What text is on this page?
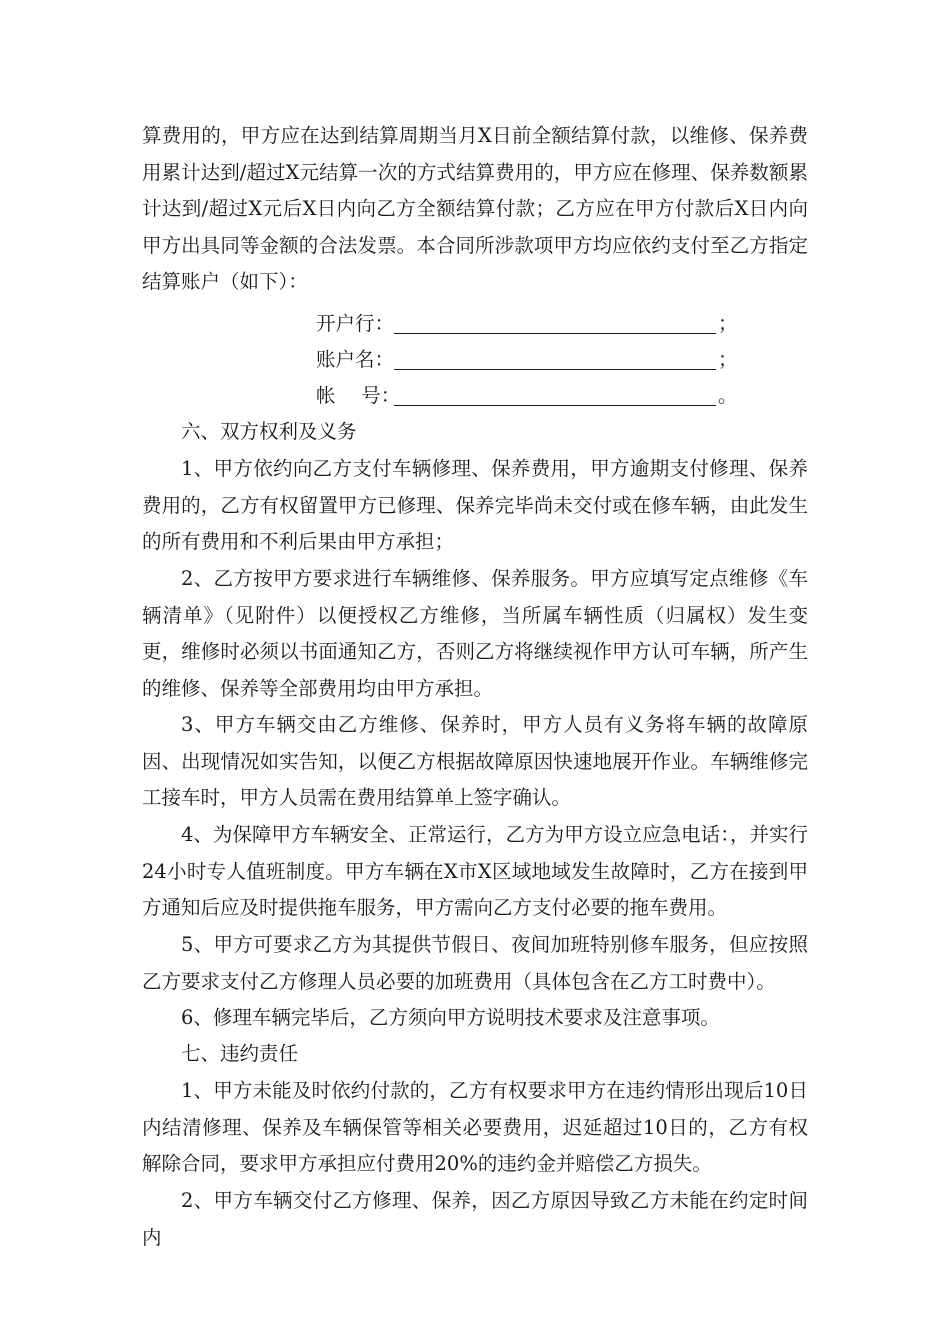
算费用的，甲方应在达到结算周期当月X日前全额结算付款，以维修、保养费用累计达到/超过X元结算一次的方式结算费用的，甲方应在修理、保养数额累计达到/超过X元后X日内向乙方全额结算付款；乙方应在甲方付款后X日内向甲方出具同等金额的合法发票。本合同所涉款项甲方均应依约支付至乙方指定结算账户（如下）：

开户行：	；
账户名：	；
帐　 号：	。

六、双方权利及义务

1、甲方依约向乙方支付车辆修理、保养费用，甲方逾期支付修理、保养费用的，乙方有权留置甲方已修理、保养完毕尚未交付或在修车辆，由此发生的所有费用和不利后果由甲方承担；

2、乙方按甲方要求进行车辆维修、保养服务。甲方应填写定点维修《车辆清单》（见附件）以便授权乙方维修，当所属车辆性质（归属权）发生变更，维修时必须以书面通知乙方，否则乙方将继续视作甲方认可车辆，所产生的维修、保养等全部费用均由甲方承担。

3、甲方车辆交由乙方维修、保养时，甲方人员有义务将车辆的故障原因、出现情况如实告知，以便乙方根据故障原因快速地展开作业。车辆维修完工接车时，甲方人员需在费用结算单上签字确认。

4、为保障甲方车辆安全、正常运行，乙方为甲方设立应急电话：，并实行24小时专人值班制度。甲方车辆在X市X区域地域发生故障时，乙方在接到甲方通知后应及时提供拖车服务，甲方需向乙方支付必要的拖车费用。

5、甲方可要求乙方为其提供节假日、夜间加班特别修车服务，但应按照乙方要求支付乙方修理人员必要的加班费用（具体包含在乙方工时费中）。

6、修理车辆完毕后，乙方须向甲方说明技术要求及注意事项。

七、违约责任

1、甲方未能及时依约付款的，乙方有权要求甲方在违约情形出现后10日内结清修理、保养及车辆保管等相关必要费用，迟延超过10日的，乙方有权解除合同，要求甲方承担应付费用20%的违约金并赔偿乙方损失。

2、甲方车辆交付乙方修理、保养，因乙方原因导致乙方未能在约定时间内
